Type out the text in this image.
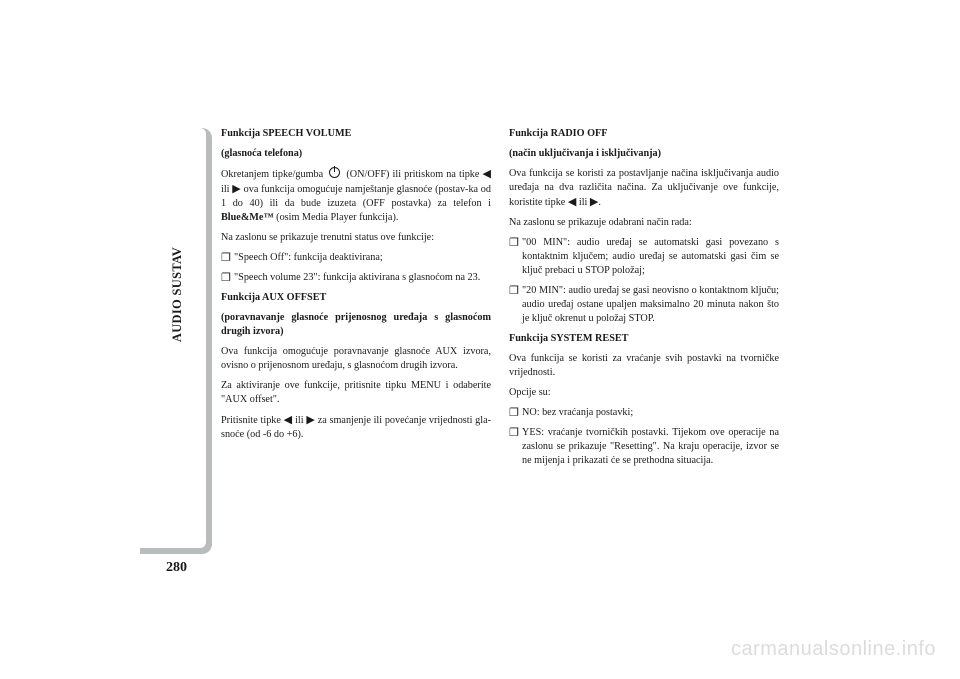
AUDIO SUSTAV
280

Funkcija SPEECH VOLUME

(glasnoća telefona)

Okretanjem tipke/gumba (ON/OFF) ili pritiskom na tipke ◀ ili ▶ ova funkcija omogućuje namještanje glasnoće (postav-ka od 1 do 40) ili da bude izuzeta (OFF postavka) za telefon i Blue&Me™ (osim Media Player funkcija).

Na zaslonu se prikazuje trenutni status ove funkcije:

❐ "Speech Off": funkcija deaktivirana;
❐ "Speech volume 23": funkcija aktivirana s glasnoćom na 23.

Funkcija AUX OFFSET

(poravnavanje glasnoće prijenosnog uređaja s glasnoćom drugih izvora)

Ova funkcija omogućuje poravnavanje glasnoće AUX izvora, ovisno o prijenosnom uređaju, s glasnoćom drugih izvora.

Za aktiviranje ove funkcije, pritisnite tipku MENU i odaberite "AUX offset".

Pritisnite tipke ◀ ili ▶ za smanjenje ili povećanje vrijednosti gla-snoće (od -6 do +6).

Funkcija RADIO OFF

(način uključivanja i isključivanja)

Ova funkcija se koristi za postavljanje načina isključivanja audio uređaja na dva različita načina. Za uključivanje ove funkcije, koristite tipke ◀ ili ▶.

Na zaslonu se prikazuje odabrani način rada:

❐ "00 MIN": audio uređaj se automatski gasi povezano s kontaktnim ključem; audio uređaj se automatski gasi čim se ključ prebaci u STOP položaj;
❐ "20 MIN": audio uređaj se gasi neovisno o kontaktnom ključu; audio uređaj ostane upaljen maksimalno 20 minuta nakon što je ključ okrenut u položaj STOP.

Funkcija SYSTEM RESET

Ova funkcija se koristi za vraćanje svih postavki na tvorničke vrijednosti.

Opcije su:

❐ NO: bez vraćanja postavki;
❐ YES: vraćanje tvorničkih postavki. Tijekom ove operacije na zaslonu se prikazuje "Resetting". Na kraju operacije, izvor se ne mijenja i prikazati će se prethodna situacija.
carmanualsonline.info
